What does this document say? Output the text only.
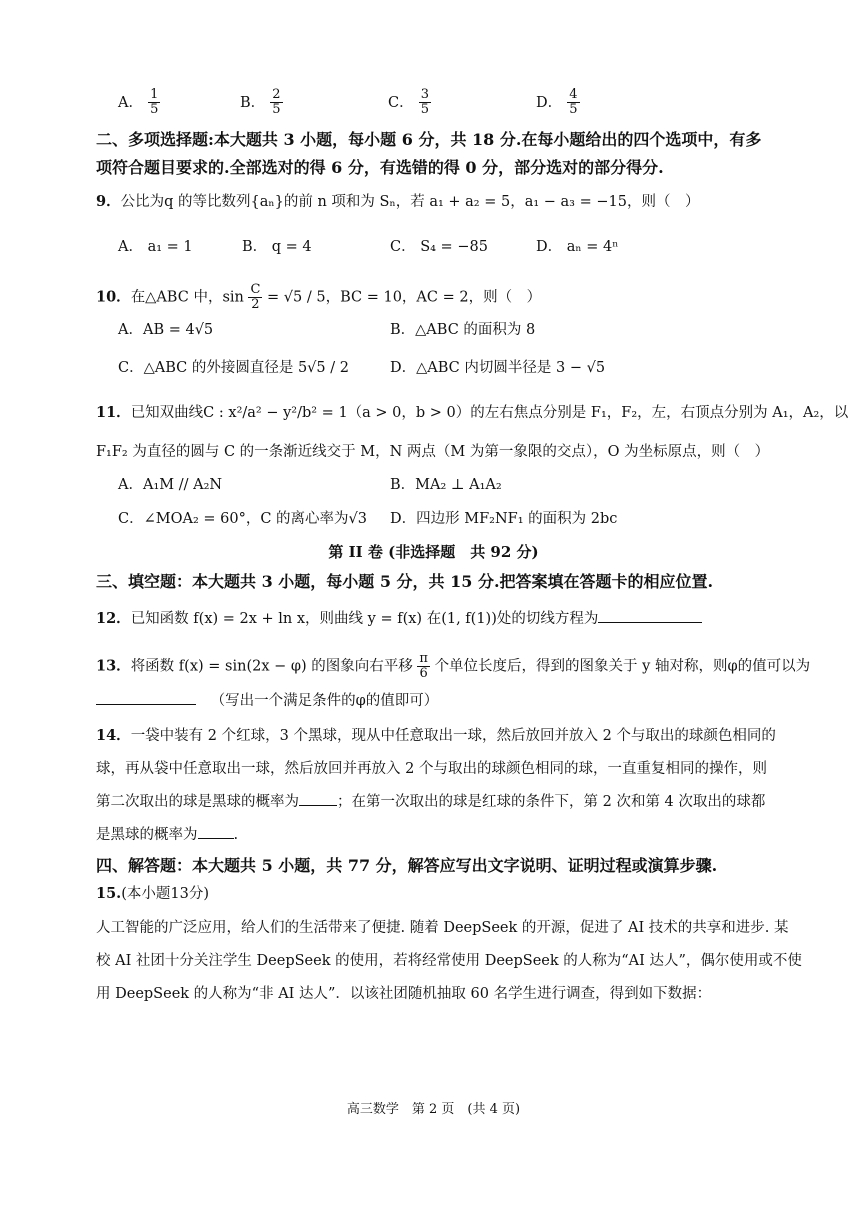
A． $\frac{1}{5}$	B． $\frac{2}{5}$	C． $\frac{3}{5}$	D． $\frac{4}{5}$
二、多项选择题:本大题共 3 小题，每小题 6 分，共 18 分.在每小题给出的四个选项中，有多
项符合题目要求的.全部选对的得 6 分，有选错的得 0 分，部分选对的部分得分.
9．公比为q 的等比数列{aₙ}的前 n 项和为 Sₙ，若 a₁ + a₂ = 5，a₁ − a₃ = −15，则（　）
A． a₁ = 1	B． q = 4	C． S₄ = −85	D． aₙ = 4ⁿ
10．在△ABC 中，$\sin \frac{C}{2} = √5 / 5$，BC = 10，AC = 2，则（　）
A．AB = 4√5	B．△ABC 的面积为 8
C．△ABC 的外接圆直径是 5√5 / 2	D．△ABC 内切圆半径是 3 − √5
11．已知双曲线C : x²/a² − y²/b² = 1（a > 0，b > 0）的左右焦点分别是 F₁，F₂，左，右顶点分别为 A₁，A₂，以
F₁F₂ 为直径的圆与 C 的一条渐近线交于 M，N 两点（M 为第一象限的交点），O 为坐标原点，则（　）
A．A₁M // A₂N	B．MA₂ ⊥ A₁A₂
C．∠MOA₂ = 60°，C 的离心率为√3 D．四边形 MF₂NF₁ 的面积为 2bc
第 II 卷 (非选择题　共 92 分)
三、填空题：本大题共 3 小题，每小题 5 分，共 15 分.把答案填在答题卡的相应位置.
12．已知函数 f(x) = 2x + ln x，则曲线 y = f(x) 在(1, f(1))处的切线方程为
13．将函数 f(x) = sin(2x − φ) 的图象向右平移 $\frac{\pi}{6}$ 个单位长度后，得到的图象关于 y 轴对称，则φ的值可以为
（写出一个满足条件的φ的值即可）
14．一袋中装有 2 个红球，3 个黑球，现从中任意取出一球，然后放回并放入 2 个与取出的球颜色相同的
球，再从袋中任意取出一球，然后放回并再放入 2 个与取出的球颜色相同的球，一直重复相同的操作，则
第二次取出的球是黑球的概率为	；在第一次取出的球是红球的条件下，第 2 次和第 4 次取出的球都
是黑球的概率为 .
四、解答题：本大题共 5 小题，共 77 分，解答应写出文字说明、证明过程或演算步骤.
15.(本小题13分)
人工智能的广泛应用，给人们的生活带来了便捷. 随着 DeepSeek 的开源，促进了 AI 技术的共享和进步. 某
校 AI 社团十分关注学生 DeepSeek 的使用，若将经常使用 DeepSeek 的人称为“AI 达人”，偶尔使用或不使
用 DeepSeek 的人称为“非 AI 达人”．以该社团随机抽取 60 名学生进行调查，得到如下数据：
高三数学　第 2 页　(共 4 页)
